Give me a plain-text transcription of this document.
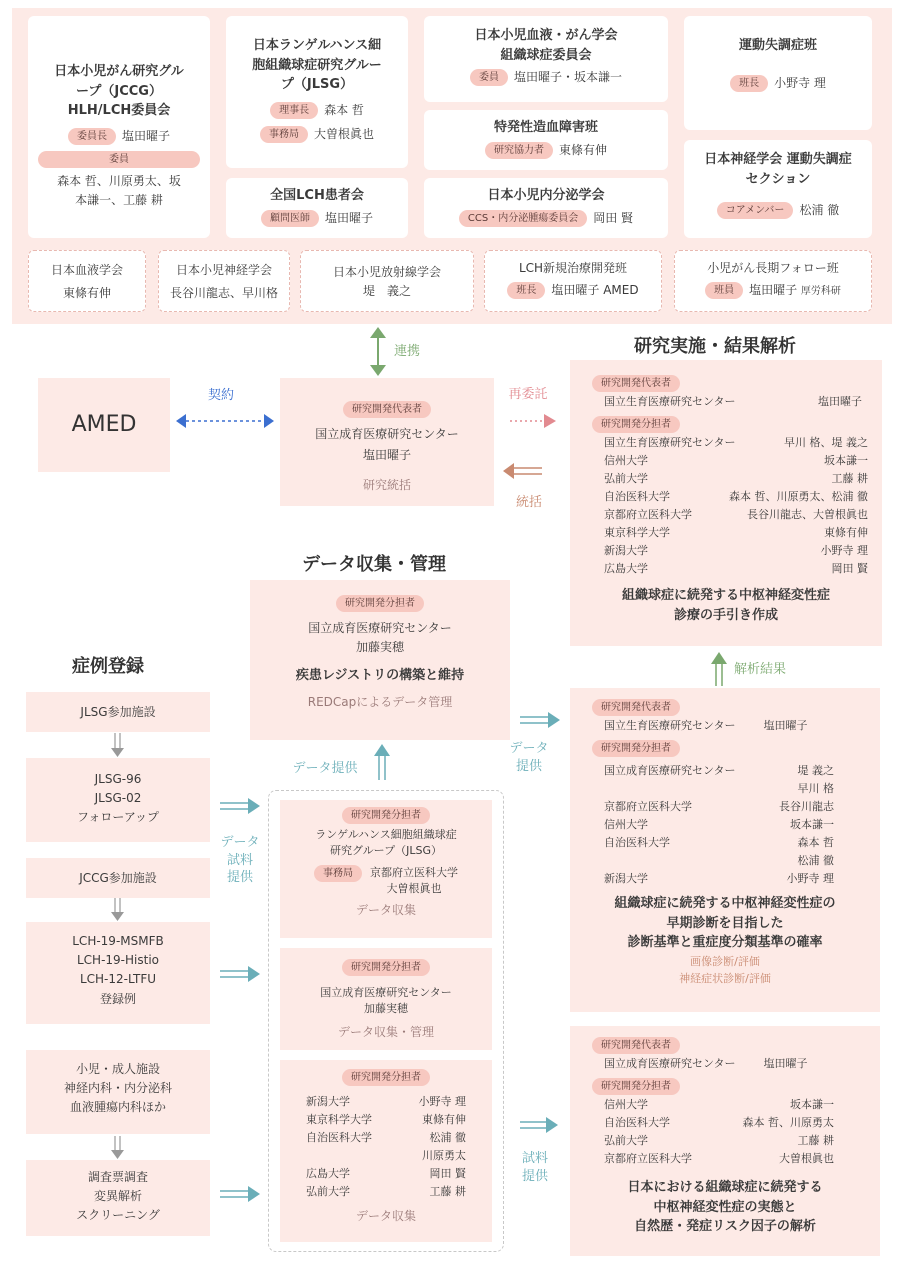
日本小児がん研究グループ（JCCG）HLH/LCH委員会
委員長 塩田曜子
委員
森本 哲、川原勇太、坂本謙一、工藤 耕
日本ランゲルハンス細胞組織球症研究グループ（JLSG）
理事長 森本 哲
事務局 大曽根眞也
全国LCH患者会
顧問医師 塩田曜子
日本小児血液・がん学会 組織球症委員会
委員 塩田曜子・坂本謙一
特発性造血障害班
研究協力者 東條有伸
日本小児内分泌学会
CCS・内分泌腫瘍委員会 岡田 賢
運動失調症班
班長 小野寺 理
日本神経学会 運動失調症セクション
コアメンバー 松浦 徹
日本血液学会
東條有伸
日本小児神経学会
長谷川龍志、早川格
日本小児放射線学会
堤　義之
LCH新規治療開発班
班長 塩田曜子 AMED
小児がん長期フォロー班
班員 塩田曜子 厚労科研
連携
契約	再委託
統括
解析結果
データ提供
データ
提供
データ
試料
提供
試料
提供
研究実施・結果解析
データ収集・管理
症例登録
AMED
研究開発代表者
国立成育医療研究センター
塩田曜子
研究統括
研究開発分担者
国立成育医療研究センター
加藤実穂
疾患レジストリの構築と維持
REDCapによるデータ管理
研究開発代表者
国立生育医療研究センター	塩田曜子
研究開発分担者
国立生育医療研究センター	早川 格、堤 義之
信州大学	坂本謙一
弘前大学	工藤 耕
自治医科大学	森本 哲、川原勇太、松浦 徹
京都府立医科大学	長谷川龍志、大曽根眞也
東京科学大学	東條有伸
新潟大学	小野寺 理
広島大学	岡田 賢
組織球症に続発する中枢神経変性症
診療の手引き作成
研究開発代表者
国立生育医療研究センター	塩田曜子
研究開発分担者
国立成育医療研究センター	堤 義之
早川 格
京都府立医科大学	長谷川龍志
信州大学	坂本謙一
自治医科大学	森本 哲
松浦 徹
新潟大学	小野寺 理
組織球症に続発する中枢神経変性症の
早期診断を目指した
診断基準と重症度分類基準の確率
画像診断/評価
神経症状診断/評価
研究開発代表者
国立成育医療研究センター	塩田曜子
研究開発分担者
信州大学	坂本謙一
自治医科大学	森本 哲、川原勇太
弘前大学	工藤 耕
京都府立医科大学	大曽根眞也
日本における組織球症に続発する
中枢神経変性症の実態と
自然歴・発症リスク因子の解析
JLSG参加施設
JLSG-96
JLSG-02
フォローアップ
JCCG参加施設
LCH-19-MSMFB
LCH-19-Histio
LCH-12-LTFU
登録例
小児・成人施設
神経内科・内分泌科
血液腫瘍内科ほか
調査票調査
変異解析
スクリーニング
研究開発分担者
ランゲルハンス細胞組織球症
研究グループ（JLSG）
事務局	京都府立医科大学
大曽根眞也
データ収集
研究開発分担者
国立成育医療研究センター
加藤実穂
データ収集・管理
研究開発分担者
新潟大学	小野寺 理
東京科学大学	東條有伸
自治医科大学	松浦 徹
川原勇太
広島大学	岡田 賢
弘前大学	工藤 耕
データ収集
